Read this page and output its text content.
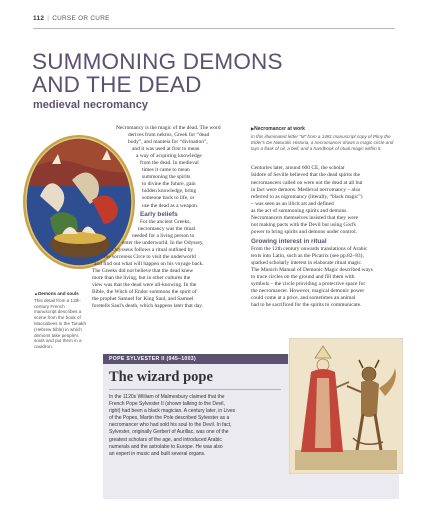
112 | CURSE OR CURE
SUMMONING DEMONS
AND THE DEAD
medieval necromancy
▲ Demons and souls
This detail from a 13th-century French manuscript describes a scene from the book of Maccabees in the Tanakh (Hebrew bible) in which demons take people's souls and put them in a cauldron.

Necromancy is the magic of the dead. The word
derives from nekros, Greek for “dead
body”, and manteia for “divination”,
and it was used at first to mean
a way of acquiring knowledge
from the dead. In medieval
times it came to mean
summoning the spirits
to divine the future, gain
hidden knowledge, bring
someone back to life, or
use the dead as a weapon.

Early beliefs

For the ancient Greeks,
necromancy was the ritual
needed for a living person to
enter the underworld. In the Odyssey,
Odysseus follows a ritual outlined by
the sorceress Circe to visit the underworld
and find out what will happen on his voyage back.
The Greeks did not believe that the dead knew
more than the living, but in other cultures the
view was that the dead were all-knowing. In the
Bible, the Witch of Endor summons the spirit of
the prophet Samuel for King Saul, and Samuel
foretells Saul's death, which happens later that day.

▶ Necromancer at work
In this illuminated letter “M” from a 1481 manuscript copy of Pliny the Elder's De Naturalis Historia, a necromancer draws a magic circle and lays a flask of oil, a bell, and a handbook of ritual magic within it.

Centuries later, around 600 CE, the scholar
Isidore of Seville believed that the dead spirits the
necromancers called on were not the dead at all but
in fact were demons. Medieval necromancy – also
referred to as nigromancy (literally, “black magic”)
– was seen as an illicit art and defined
as the act of summoning spirits and demons.
Necromancers themselves insisted that they were
not making pacts with the Devil but using God's
power to bring spirits and demons under control.

Growing interest in ritual

From the 12th century onwards translations of Arabic
texts into Latin, such as the Picatrix (see pp.82–83),
sparked scholarly interest in elaborate ritual magic.
The Munich Manual of Demonic Magic described ways
to trace circles on the ground and fill them with
symbols – the circle providing a protective space for
the necromancer. However, magical demonic power
could come at a price, and sometimes an animal
had to be sacrificed for the spirits to communicate.

POPE SYLVESTER II (945–1003)
The wizard pope
In the 1120s William of Malmesbury claimed that the
French Pope Sylvester II (shown talking to the Devil,
right) had been a black magician. A century later, in Lives
of the Popes, Martin the Pole described Sylvester as a
necromancer who had sold his soul to the Devil. In fact,
Sylvester, originally Gerbert of Aurillac, was one of the
greatest scholars of the age, and introduced Arabic
numerals and the astrolabe to Europe. He was also
an expert in music and built several organs.
